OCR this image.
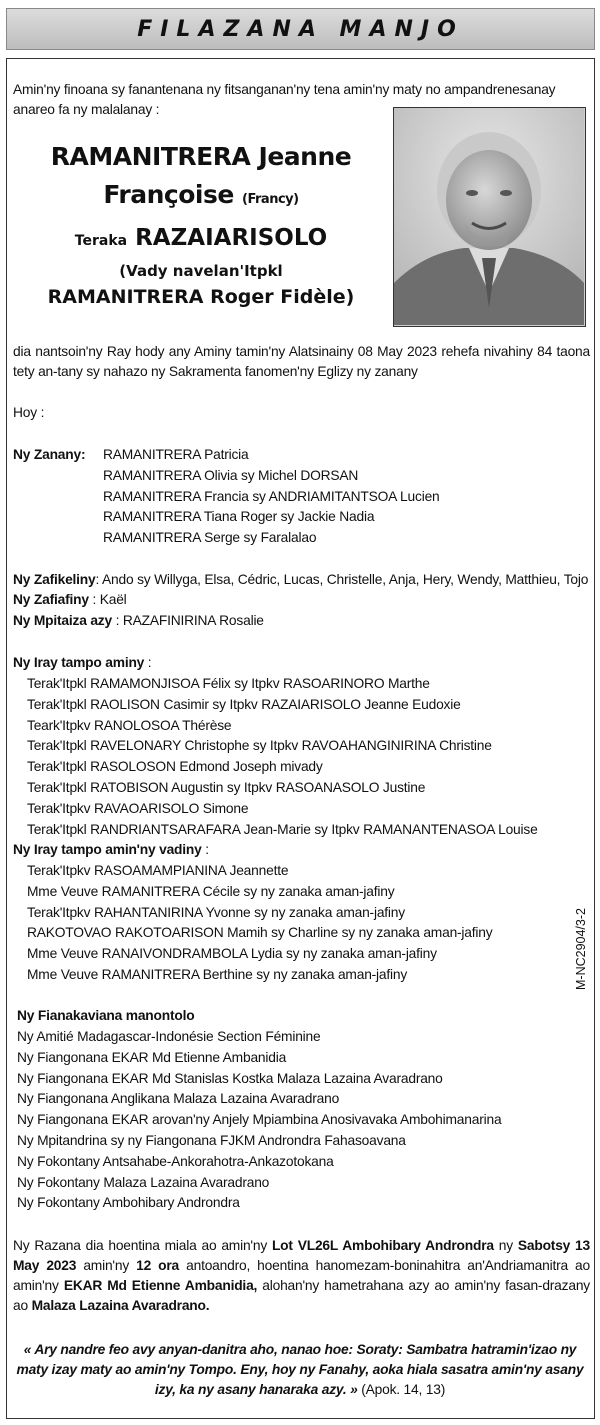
FILAZANA MANJO
Amin'ny finoana sy fanantenana ny fitsanganan'ny tena amin'ny maty no ampandrenesanay anareo fa ny malalanay :
RAMANITRERA Jeanne
Françoise (Francy)
Teraka RAZAIARISOLO
(Vady navelan'Itpkl
RAMANITRERA Roger Fidèle)
dia nantsoin'ny Ray hody any Aminy tamin'ny Alatsinainy 08 May 2023 rehefa nivahiny 84 taona tety an-tany sy nahazo ny Sakramenta fanomen'ny Eglizy ny zanany
Hoy :
Ny Zanany: RAMANITRERA Patricia
RAMANITRERA Olivia sy Michel DORSAN
RAMANITRERA Francia sy ANDRIAMITANTSOA Lucien
RAMANITRERA Tiana Roger sy Jackie Nadia
RAMANITRERA Serge sy Faralalao
Ny Zafikeliny: Ando sy Willyga, Elsa, Cédric, Lucas, Christelle, Anja, Hery, Wendy, Matthieu, Tojo
Ny Zafiafiny : Kaël
Ny Mpitaiza azy : RAZAFINIRINA Rosalie
Ny Iray tampo aminy :
Terak'Itpkl RAMAMONJISOA Félix sy Itpkv RASOARINORO Marthe
Terak'Itpkl RAOLISON Casimir sy Itpkv RAZAIARISOLO Jeanne Eudoxie
Teark'Itpkv RANOLOSOA Thérèse
Terak'Itpkl RAVELONARY Christophe sy Itpkv RAVOAHANGINIRINA Christine
Terak'Itpkl RASOLOSON Edmond Joseph mivady
Terak'Itpkl RATOBISON Augustin sy Itpkv RASOANASOLO Justine
Terak'Itpkv RAVAOARISOLO Simone
Terak'Itpkl RANDRIANTSARAFARA Jean-Marie sy Itpkv RAMANANTENASOA Louise
Ny Iray tampo amin'ny vadiny :
Terak'Itpkv RASOAMAMPIANINA Jeannette
Mme Veuve RAMANITRERA Cécile sy ny zanaka aman-jafiny
Terak'Itpkv RAHANTANIRINA Yvonne sy ny zanaka aman-jafiny
RAKOTOVAO RAKOTOARISON Mamih sy Charline sy ny zanaka aman-jafiny
Mme Veuve RANAIVONDRAMBOLA Lydia sy ny zanaka aman-jafiny
Mme Veuve RAMANITRERA Berthine sy ny zanaka aman-jafiny
Ny Fianakaviana manontolo
Ny Amitié Madagascar-Indonésie Section Féminine
Ny Fiangonana EKAR Md Etienne Ambanidia
Ny Fiangonana EKAR Md Stanislas Kostka Malaza Lazaina Avaradrano
Ny Fiangonana Anglikana Malaza Lazaina Avaradrano
Ny Fiangonana EKAR arovan'ny Anjely Mpiambina Anosivavaka Ambohimanarina
Ny Mpitandrina sy ny Fiangonana FJKM Androndra Fahasoavana
Ny Fokontany Antsahabe-Ankorahotra-Ankazotokana
Ny Fokontany Malaza Lazaina Avaradrano
Ny Fokontany Ambohibary Androndra
Ny Razana dia hoentina miala ao amin'ny Lot VL26L Ambohibary Androndra ny Sabotsy 13 May 2023 amin'ny 12 ora antoandro, hoentina hanomezam-boninahitra an'Andriamanitra ao amin'ny EKAR Md Etienne Ambanidia, alohan'ny hametrahana azy ao amin'ny fasan-drazany ao Malaza Lazaina Avaradrano.
« Ary nandre feo avy anyan-danitra aho, nanao hoe: Soraty: Sambatra hatramin'izao ny maty izay maty ao amin'ny Tompo. Eny, hoy ny Fanahy, aoka hiala sasatra amin'ny asany izy, ka ny asany hanaraka azy. » (Apok. 14, 13)
M-NC2904/3-2
